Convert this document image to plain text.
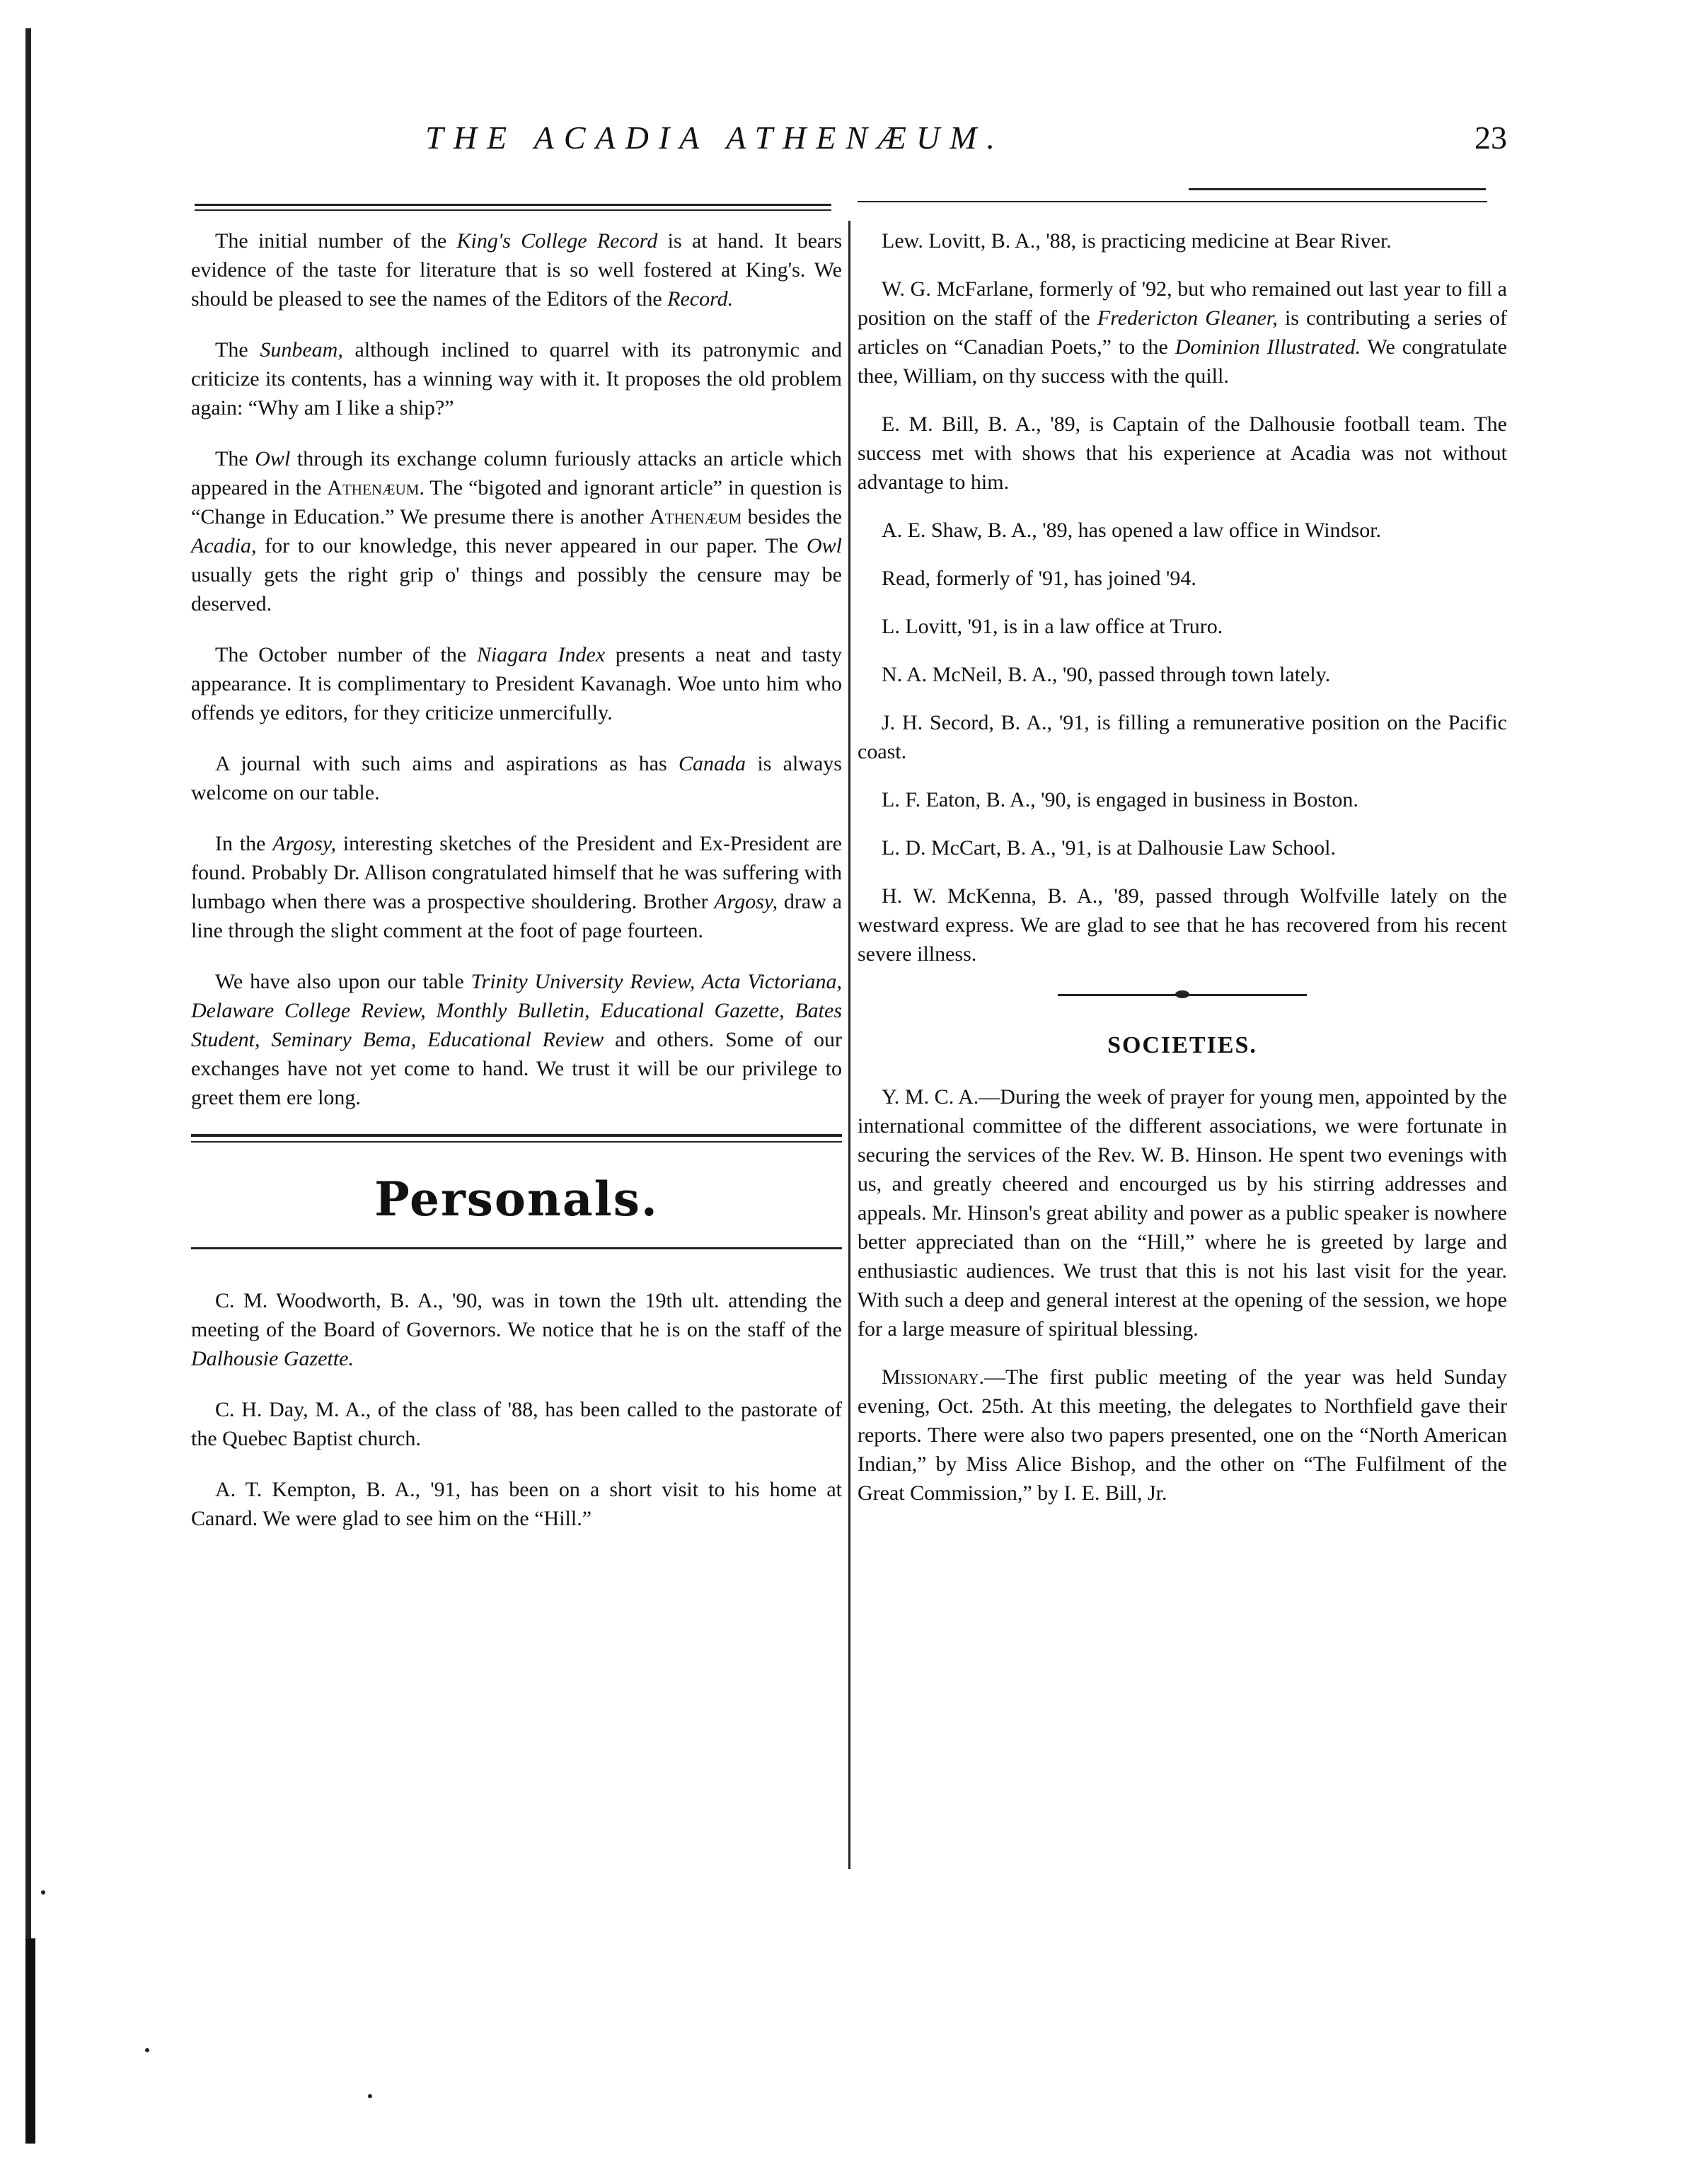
THE ACADIA ATHENÆUM.	23

The initial number of the King's College Record is at hand. It bears evidence of the taste for literature that is so well fostered at King's. We should be pleased to see the names of the Editors of the Record.

The Sunbeam, although inclined to quarrel with its patronymic and criticize its contents, has a winning way with it. It proposes the old problem again: “Why am I like a ship?”

The Owl through its exchange column furiously attacks an article which appeared in the Athenæum. The “bigoted and ignorant article” in question is “Change in Education.” We presume there is another Athenæum besides the Acadia, for to our knowledge, this never appeared in our paper. The Owl usually gets the right grip o' things and possibly the censure may be deserved.

The October number of the Niagara Index presents a neat and tasty appearance. It is complimentary to President Kavanagh. Woe unto him who offends ye editors, for they criticize unmercifully.

A journal with such aims and aspirations as has Canada is always welcome on our table.

In the Argosy, interesting sketches of the President and Ex-President are found. Probably Dr. Allison congratulated himself that he was suffering with lumbago when there was a prospective shouldering. Brother Argosy, draw a line through the slight comment at the foot of page fourteen.

We have also upon our table Trinity University Review, Acta Victoriana, Delaware College Review, Monthly Bulletin, Educational Gazette, Bates Student, Seminary Bema, Educational Review and others. Some of our exchanges have not yet come to hand. We trust it will be our privilege to greet them ere long.

Personals.

C. M. Woodworth, B. A., '90, was in town the 19th ult. attending the meeting of the Board of Governors. We notice that he is on the staff of the Dalhousie Gazette.

C. H. Day, M. A., of the class of '88, has been called to the pastorate of the Quebec Baptist church.

A. T. Kempton, B. A., '91, has been on a short visit to his home at Canard. We were glad to see him on the “Hill.”

Lew. Lovitt, B. A., '88, is practicing medicine at Bear River.

W. G. McFarlane, formerly of '92, but who remained out last year to fill a position on the staff of the Fredericton Gleaner, is contributing a series of articles on “Canadian Poets,” to the Dominion Illustrated. We congratulate thee, William, on thy success with the quill.

E. M. Bill, B. A., '89, is Captain of the Dalhousie football team. The success met with shows that his experience at Acadia was not without advantage to him.

A. E. Shaw, B. A., '89, has opened a law office in Windsor.

Read, formerly of '91, has joined '94.

L. Lovitt, '91, is in a law office at Truro.

N. A. McNeil, B. A., '90, passed through town lately.

J. H. Secord, B. A., '91, is filling a remunerative position on the Pacific coast.

L. F. Eaton, B. A., '90, is engaged in business in Boston.

L. D. McCart, B. A., '91, is at Dalhousie Law School.

H. W. McKenna, B. A., '89, passed through Wolfville lately on the westward express. We are glad to see that he has recovered from his recent severe illness.

SOCIETIES.

Y. M. C. A.—During the week of prayer for young men, appointed by the international committee of the different associations, we were fortunate in securing the services of the Rev. W. B. Hinson. He spent two evenings with us, and greatly cheered and encourged us by his stirring addresses and appeals. Mr. Hinson's great ability and power as a public speaker is nowhere better appreciated than on the “Hill,” where he is greeted by large and enthusiastic audiences. We trust that this is not his last visit for the year. With such a deep and general interest at the opening of the session, we hope for a large measure of spiritual blessing.

Missionary.—The first public meeting of the year was held Sunday evening, Oct. 25th. At this meeting, the delegates to Northfield gave their reports. There were also two papers presented, one on the “North American Indian,” by Miss Alice Bishop, and the other on “The Fulfilment of the Great Commission,” by I. E. Bill, Jr.
